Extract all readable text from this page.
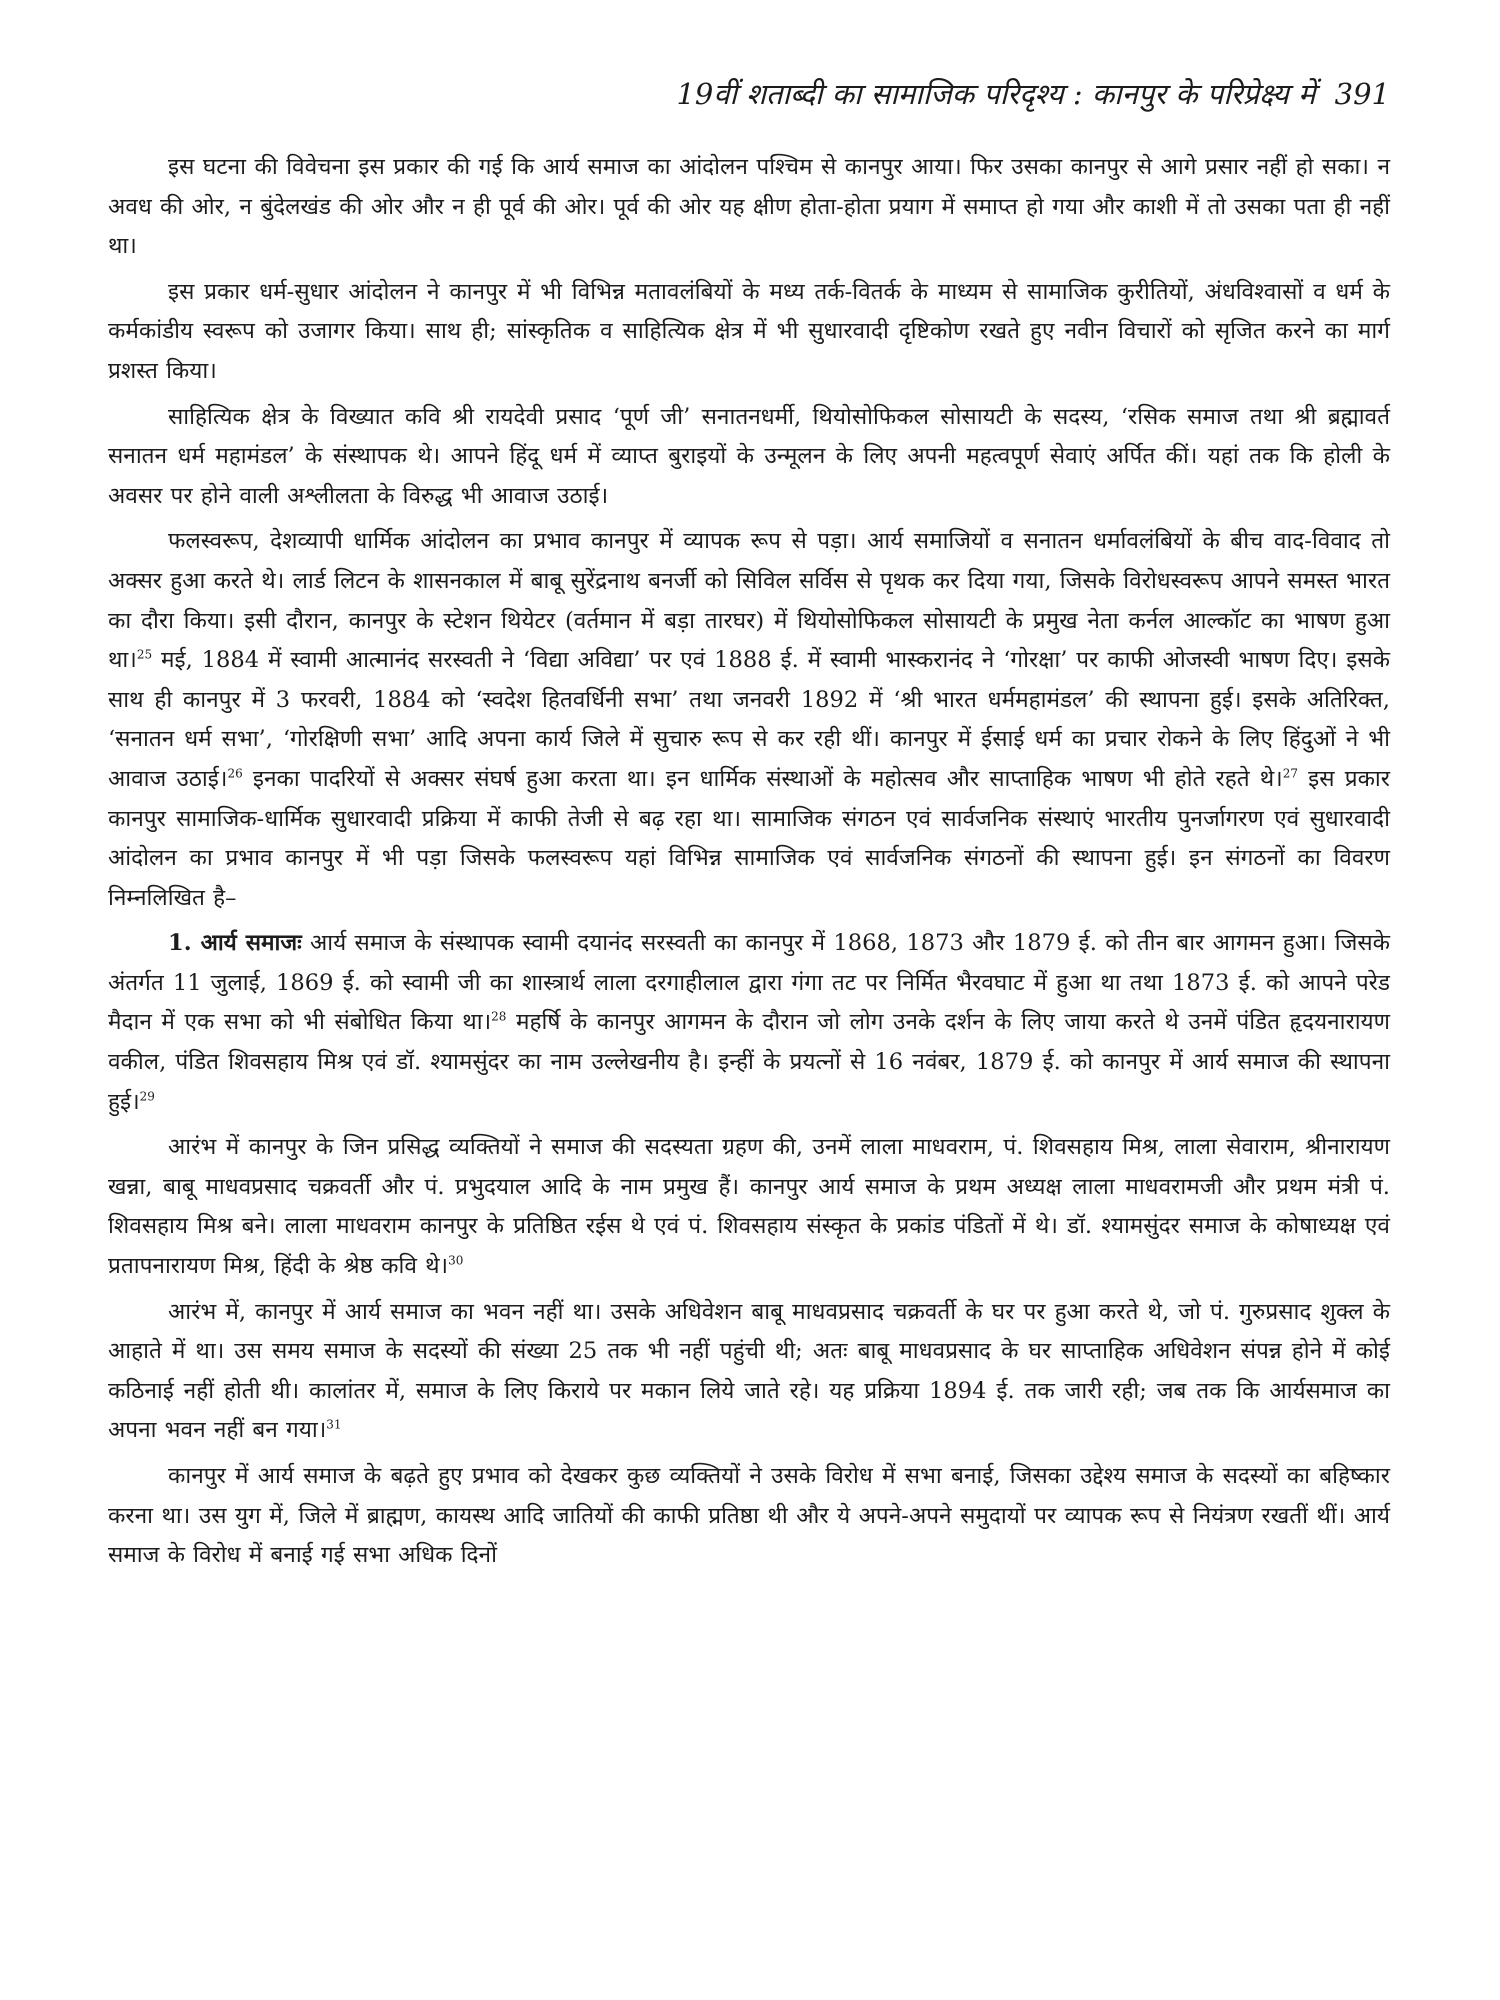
19वीं शताब्दी का सामाजिक परिदृश्य : कानपुर के परिप्रेक्ष्य में 391

इस घटना की विवेचना इस प्रकार की गई कि आर्य समाज का आंदोलन पश्चिम से कानपुर आया। फिर उसका कानपुर से आगे प्रसार नहीं हो सका। न अवध की ओर, न बुंदेलखंड की ओर और न ही पूर्व की ओर। पूर्व की ओर यह क्षीण होता-होता प्रयाग में समाप्त हो गया और काशी में तो उसका पता ही नहीं था।

इस प्रकार धर्म-सुधार आंदोलन ने कानपुर में भी विभिन्न मतावलंबियों के मध्य तर्क-वितर्क के माध्यम से सामाजिक कुरीतियों, अंधविश्वासों व धर्म के कर्मकांडीय स्वरूप को उजागर किया। साथ ही; सांस्कृतिक व साहित्यिक क्षेत्र में भी सुधारवादी दृष्टिकोण रखते हुए नवीन विचारों को सृजित करने का मार्ग प्रशस्त किया।

साहित्यिक क्षेत्र के विख्यात कवि श्री रायदेवी प्रसाद ‘पूर्ण जी’ सनातनधर्मी, थियोसोफिकल सोसायटी के सदस्य, ‘रसिक समाज तथा श्री ब्रह्मावर्त सनातन धर्म महामंडल’ के संस्थापक थे। आपने हिंदू धर्म में व्याप्त बुराइयों के उन्मूलन के लिए अपनी महत्वपूर्ण सेवाएं अर्पित कीं। यहां तक कि होली के अवसर पर होने वाली अश्लीलता के विरुद्ध भी आवाज उठाई।

फलस्वरूप, देशव्यापी धार्मिक आंदोलन का प्रभाव कानपुर में व्यापक रूप से पड़ा। आर्य समाजियों व सनातन धर्मावलंबियों के बीच वाद-विवाद तो अक्सर हुआ करते थे। लार्ड लिटन के शासनकाल में बाबू सुरेंद्रनाथ बनर्जी को सिविल सर्विस से पृथक कर दिया गया, जिसके विरोधस्वरूप आपने समस्त भारत का दौरा किया। इसी दौरान, कानपुर के स्टेशन थियेटर (वर्तमान में बड़ा तारघर) में थियोसोफिकल सोसायटी के प्रमुख नेता कर्नल आल्कॉट का भाषण हुआ था।$^{25}$ मई, 1884 में स्वामी आत्मानंद सरस्वती ने ‘विद्या अविद्या’ पर एवं 1888 ई. में स्वामी भास्करानंद ने ‘गोरक्षा’ पर काफी ओजस्वी भाषण दिए। इसके साथ ही कानपुर में 3 फरवरी, 1884 को ‘स्वदेश हितवर्धिनी सभा’ तथा जनवरी 1892 में ‘श्री भारत धर्ममहामंडल’ की स्थापना हुई। इसके अतिरिक्त, ‘सनातन धर्म सभा’, ‘गोरक्षिणी सभा’ आदि अपना कार्य जिले में सुचारु रूप से कर रही थीं। कानपुर में ईसाई धर्म का प्रचार रोकने के लिए हिंदुओं ने भी आवाज उठाई।$^{26}$ इनका पादरियों से अक्सर संघर्ष हुआ करता था। इन धार्मिक संस्थाओं के महोत्सव और साप्ताहिक भाषण भी होते रहते थे।$^{27}$ इस प्रकार कानपुर सामाजिक-धार्मिक सुधारवादी प्रक्रिया में काफी तेजी से बढ़ रहा था। सामाजिक संगठन एवं सार्वजनिक संस्थाएं भारतीय पुनर्जागरण एवं सुधारवादी आंदोलन का प्रभाव कानपुर में भी पड़ा जिसके फलस्वरूप यहां विभिन्न सामाजिक एवं सार्वजनिक संगठनों की स्थापना हुई। इन संगठनों का विवरण निम्नलिखित है–

1. आर्य समाजः आर्य समाज के संस्थापक स्वामी दयानंद सरस्वती का कानपुर में 1868, 1873 और 1879 ई. को तीन बार आगमन हुआ। जिसके अंतर्गत 11 जुलाई, 1869 ई. को स्वामी जी का शास्त्रार्थ लाला दरगाहीलाल द्वारा गंगा तट पर निर्मित भैरवघाट में हुआ था तथा 1873 ई. को आपने परेड मैदान में एक सभा को भी संबोधित किया था।$^{28}$ महर्षि के कानपुर आगमन के दौरान जो लोग उनके दर्शन के लिए जाया करते थे उनमें पंडित हृदयनारायण वकील, पंडित शिवसहाय मिश्र एवं डॉ. श्यामसुंदर का नाम उल्लेखनीय है। इन्हीं के प्रयत्नों से 16 नवंबर, 1879 ई. को कानपुर में आर्य समाज की स्थापना हुई।$^{29}$

आरंभ में कानपुर के जिन प्रसिद्ध व्यक्तियों ने समाज की सदस्यता ग्रहण की, उनमें लाला माधवराम, पं. शिवसहाय मिश्र, लाला सेवाराम, श्रीनारायण खन्ना, बाबू माधवप्रसाद चक्रवर्ती और पं. प्रभुदयाल आदि के नाम प्रमुख हैं। कानपुर आर्य समाज के प्रथम अध्यक्ष लाला माधवरामजी और प्रथम मंत्री पं. शिवसहाय मिश्र बने। लाला माधवराम कानपुर के प्रतिष्ठित रईस थे एवं पं. शिवसहाय संस्कृत के प्रकांड पंडितों में थे। डॉ. श्यामसुंदर समाज के कोषाध्यक्ष एवं प्रतापनारायण मिश्र, हिंदी के श्रेष्ठ कवि थे।$^{30}$

आरंभ में, कानपुर में आर्य समाज का भवन नहीं था। उसके अधिवेशन बाबू माधवप्रसाद चक्रवर्ती के घर पर हुआ करते थे, जो पं. गुरुप्रसाद शुक्ल के आहाते में था। उस समय समाज के सदस्यों की संख्या 25 तक भी नहीं पहुंची थी; अतः बाबू माधवप्रसाद के घर साप्ताहिक अधिवेशन संपन्न होने में कोई कठिनाई नहीं होती थी। कालांतर में, समाज के लिए किराये पर मकान लिये जाते रहे। यह प्रक्रिया 1894 ई. तक जारी रही; जब तक कि आर्यसमाज का अपना भवन नहीं बन गया।$^{31}$

कानपुर में आर्य समाज के बढ़ते हुए प्रभाव को देखकर कुछ व्यक्तियों ने उसके विरोध में सभा बनाई, जिसका उद्देश्य समाज के सदस्यों का बहिष्कार करना था। उस युग में, जिले में ब्राह्मण, कायस्थ आदि जातियों की काफी प्रतिष्ठा थी और ये अपने-अपने समुदायों पर व्यापक रूप से नियंत्रण रखतीं थीं। आर्य समाज के विरोध में बनाई गई सभा अधिक दिनों
